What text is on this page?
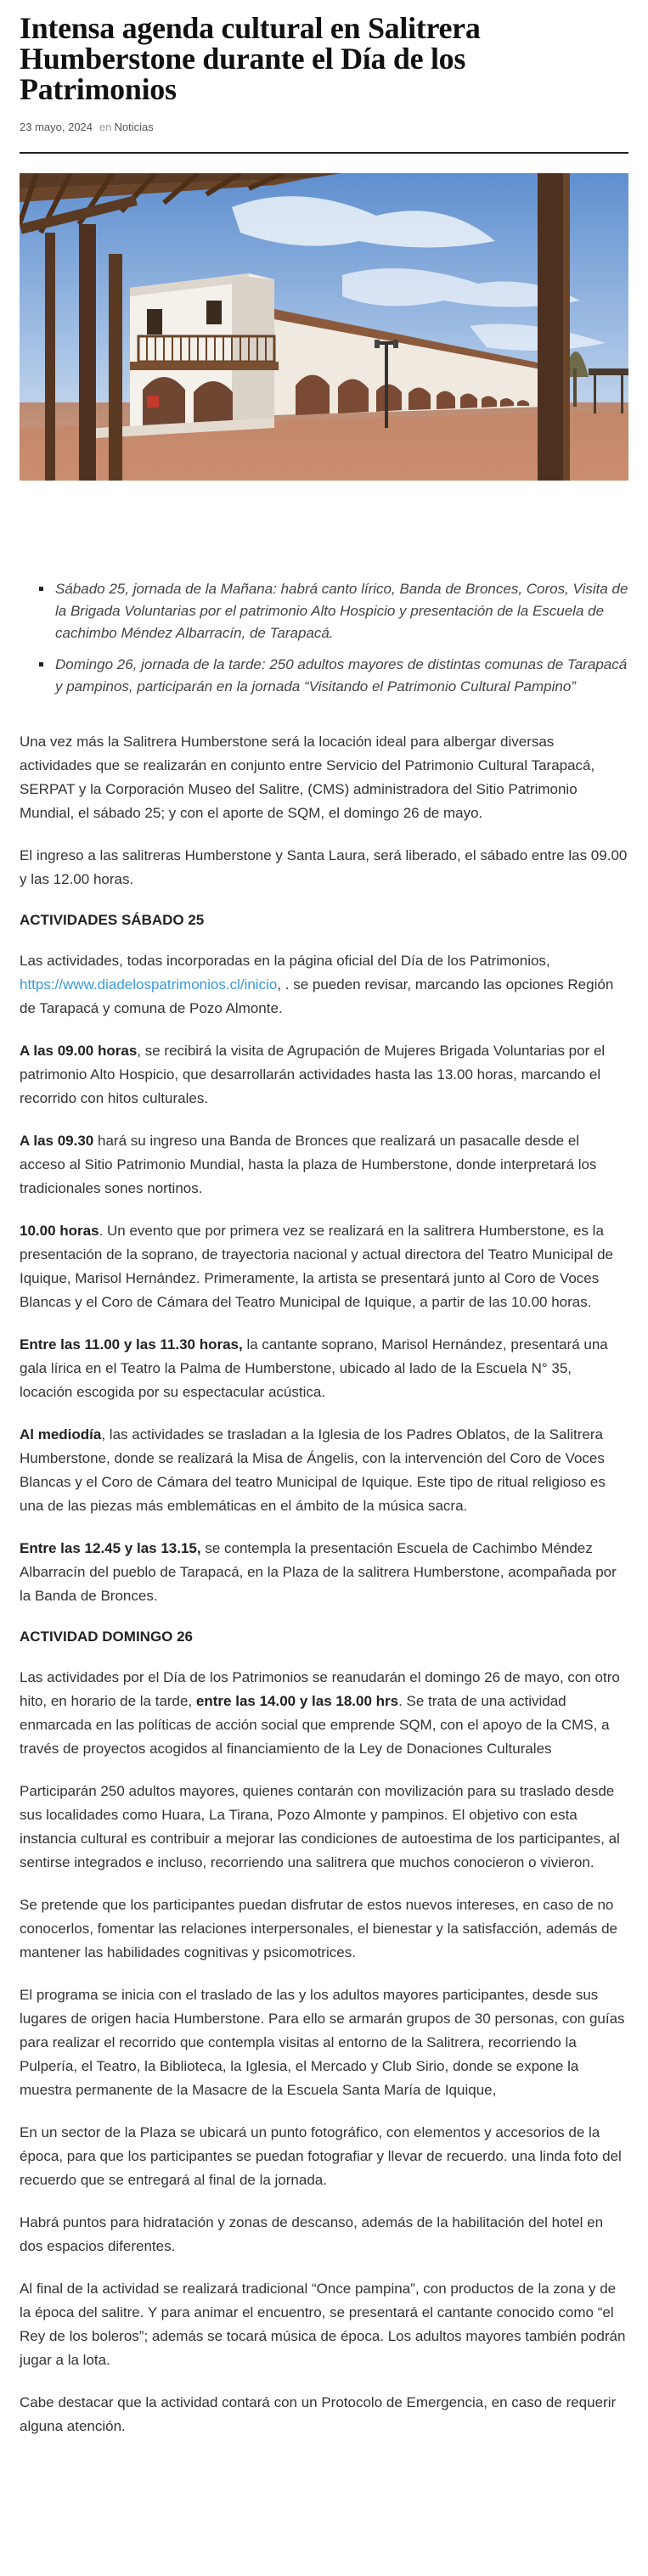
Intensa agenda cultural en Salitrera Humberstone durante el Día de los Patrimonios
23 mayo, 2024 en Noticias
▪ Sábado 25, jornada de la Mañana: habrá canto lírico, Banda de Bronces, Coros, Visita de la Brigada Voluntarias por el patrimonio Alto Hospicio y presentación de la Escuela de cachimbo Méndez Albarracín, de Tarapacá.
▪ Domingo 26, jornada de la tarde: 250 adultos mayores de distintas comunas de Tarapacá y pampinos, participarán en la jornada “Visitando el Patrimonio Cultural Pampino”

Una vez más la Salitrera Humberstone será la locación ideal para albergar diversas actividades que se realizarán en conjunto entre Servicio del Patrimonio Cultural Tarapacá, SERPAT y la Corporación Museo del Salitre, (CMS) administradora del Sitio Patrimonio Mundial, el sábado 25; y con el aporte de SQM, el domingo 26 de mayo.

El ingreso a las salitreras Humberstone y Santa Laura, será liberado, el sábado entre las 09.00 y las 12.00 horas.

ACTIVIDADES SÁBADO 25

Las actividades, todas incorporadas en la página oficial del Día de los Patrimonios, https://www.diadelospatrimonios.cl/inicio, . se pueden revisar, marcando las opciones Región de Tarapacá y comuna de Pozo Almonte.

A las 09.00 horas, se recibirá la visita de Agrupación de Mujeres Brigada Voluntarias por el patrimonio Alto Hospicio, que desarrollarán actividades hasta las 13.00 horas, marcando el recorrido con hitos culturales.

A las 09.30 hará su ingreso una Banda de Bronces que realizará un pasacalle desde el acceso al Sitio Patrimonio Mundial, hasta la plaza de Humberstone, donde interpretará los tradicionales sones nortinos.

10.00 horas. Un evento que por primera vez se realizará en la salitrera Humberstone, es la presentación de la soprano, de trayectoria nacional y actual directora del Teatro Municipal de Iquique, Marisol Hernández. Primeramente, la artista se presentará junto al Coro de Voces Blancas y el Coro de Cámara del Teatro Municipal de Iquique, a partir de las 10.00 horas.

Entre las 11.00 y las 11.30 horas, la cantante soprano, Marisol Hernández, presentará una gala lírica en el Teatro la Palma de Humberstone, ubicado al lado de la Escuela N° 35, locación escogida por su espectacular acústica.

Al mediodía, las actividades se trasladan a la Iglesia de los Padres Oblatos, de la Salitrera Humberstone, donde se realizará la Misa de Ángelis, con la intervención del Coro de Voces Blancas y el Coro de Cámara del teatro Municipal de Iquique. Este tipo de ritual religioso es una de las piezas más emblemáticas en el ámbito de la música sacra.

Entre las 12.45 y las 13.15, se contempla la presentación Escuela de Cachimbo Méndez Albarracín del pueblo de Tarapacá, en la Plaza de la salitrera Humberstone, acompañada por la Banda de Bronces.

ACTIVIDAD DOMINGO 26

Las actividades por el Día de los Patrimonios se reanudarán el domingo 26 de mayo, con otro hito, en horario de la tarde, entre las 14.00 y las 18.00 hrs. Se trata de una actividad enmarcada en las políticas de acción social que emprende SQM, con el apoyo de la CMS, a través de proyectos acogidos al financiamiento de la Ley de Donaciones Culturales

Participarán 250 adultos mayores, quienes contarán con movilización para su traslado desde sus localidades como Huara, La Tirana, Pozo Almonte y pampinos. El objetivo con esta instancia cultural es contribuir a mejorar las condiciones de autoestima de los participantes, al sentirse integrados e incluso, recorriendo una salitrera que muchos conocieron o vivieron.

Se pretende que los participantes puedan disfrutar de estos nuevos intereses, en caso de no conocerlos, fomentar las relaciones interpersonales, el bienestar y la satisfacción, además de mantener las habilidades cognitivas y psicomotrices.

El programa se inicia con el traslado de las y los adultos mayores participantes, desde sus lugares de origen hacia Humberstone. Para ello se armarán grupos de 30 personas, con guías para realizar el recorrido que contempla visitas al entorno de la Salitrera, recorriendo la Pulpería, el Teatro, la Biblioteca, la Iglesia, el Mercado y Club Sirio, donde se expone la muestra permanente de la Masacre de la Escuela Santa María de Iquique,

En un sector de la Plaza se ubicará un punto fotográfico, con elementos y accesorios de la época, para que los participantes se puedan fotografiar y llevar de recuerdo. una linda foto del recuerdo que se entregará al final de la jornada.

Habrá puntos para hidratación y zonas de descanso, además de la habilitación del hotel en dos espacios diferentes.

Al final de la actividad se realizará tradicional “Once pampina”, con productos de la zona y de la época del salitre. Y para animar el encuentro, se presentará el cantante conocido como “el Rey de los boleros”; además se tocará música de época. Los adultos mayores también podrán jugar a la lota.

Cabe destacar que la actividad contará con un Protocolo de Emergencia, en caso de requerir alguna atención.
